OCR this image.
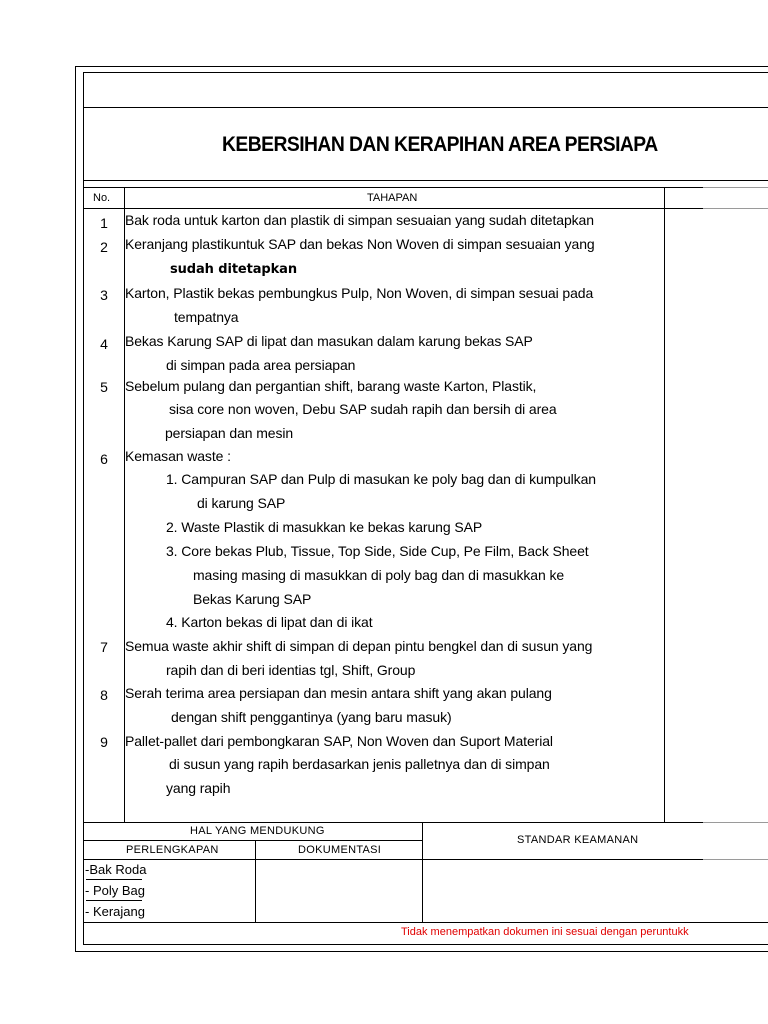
KEBERSIHAN DAN KERAPIHAN AREA PERSIAPA
No.	TAHAPAN
1
2
3
4
5
6
7
8
9
Bak roda untuk karton dan plastik di simpan sesuaian yang sudah ditetapkan
Keranjang plastikuntuk SAP dan bekas Non Woven di simpan sesuaian yang
sudah ditetapkan
Karton, Plastik bekas pembungkus Pulp, Non Woven, di simpan sesuai pada
tempatnya
Bekas Karung SAP di lipat dan masukan dalam karung bekas SAP
di simpan pada area persiapan
Sebelum pulang dan pergantian shift, barang waste Karton, Plastik,
sisa core non woven, Debu SAP sudah rapih dan bersih di area
persiapan dan mesin
Kemasan waste :
1. Campuran SAP dan Pulp di masukan ke poly bag dan di kumpulkan
di karung SAP
2. Waste Plastik di masukkan ke bekas karung SAP
3. Core bekas Plub, Tissue, Top Side, Side Cup, Pe Film, Back Sheet
masing masing di masukkan di poly bag dan di masukkan ke
Bekas Karung SAP
4. Karton bekas di lipat dan di ikat
Semua waste akhir shift di simpan di depan pintu bengkel dan di susun yang
rapih dan di beri identias tgl, Shift, Group
Serah terima area persiapan dan mesin antara shift yang akan pulang
dengan shift penggantinya (yang baru masuk)
Pallet-pallet dari pembongkaran SAP, Non Woven dan Suport Material
di susun yang rapih berdasarkan jenis palletnya dan di simpan
yang rapih
HAL YANG MENDUKUNG
PERLENGKAPAN	DOKUMENTASI
STANDAR KEAMANAN
-Bak Roda
- Poly Bag
- Kerajang
Tidak menempatkan dokumen ini sesuai dengan peruntukk
